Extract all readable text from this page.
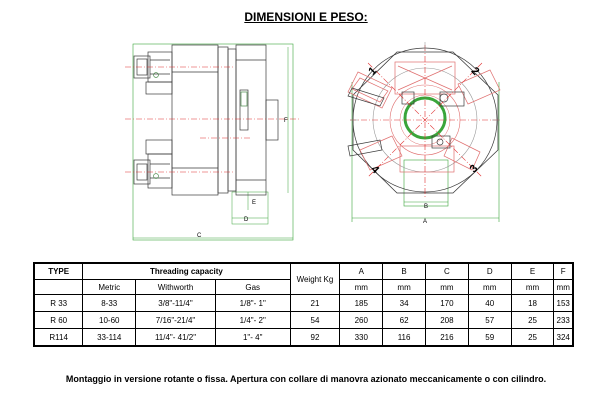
DIMENSIONI E PESO:
C
F
D
E
1	2
3
4
A
B
TYPE	Threading capacity			Weight Kg	A	B	C	D	E	F
	Metric	Withworth	Gas		mm	mm	mm	mm	mm	mm
R 33	8-33	3/8"-11/4"	1/8"- 1"	21	185	34	170	40	18	153
R 60	10-60	7/16"-21/4"	1/4"- 2"	54	260	62	208	57	25	233
R114	33-114	11/4"- 41/2"	1"- 4"	92	330	116	216	59	25	324
Montaggio in versione rotante o fissa. Apertura con collare di manovra azionato meccanicamente o con cilindro.
